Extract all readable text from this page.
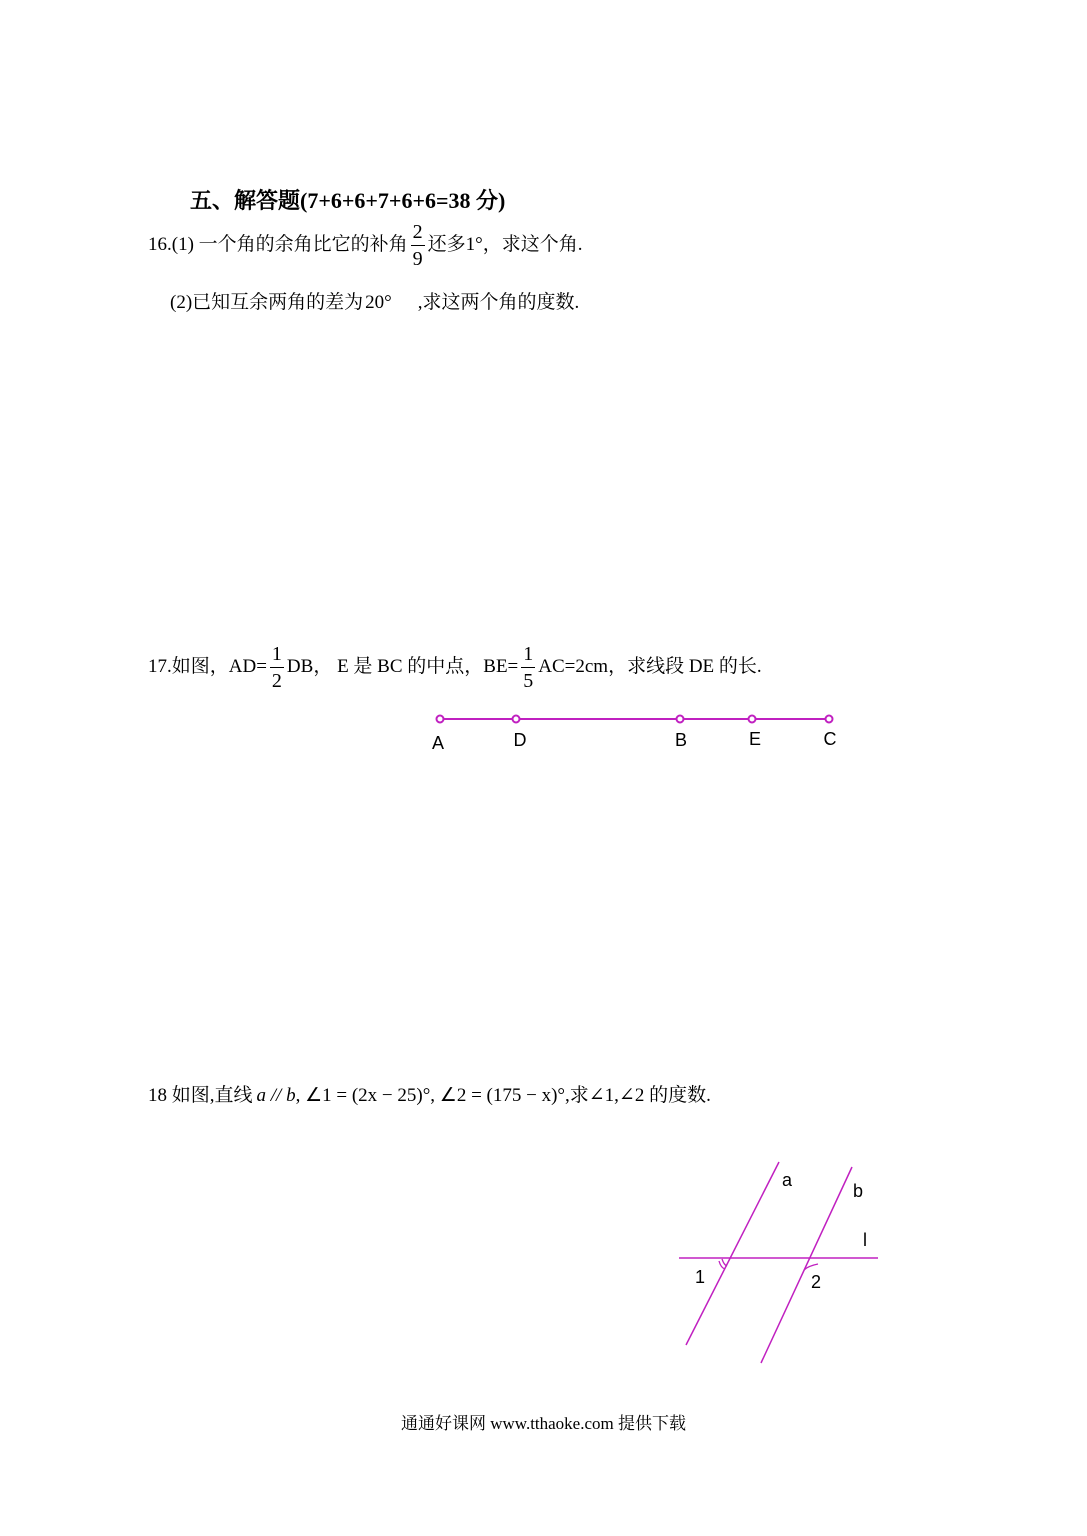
五、解答题(7+6+6+7+6+6=38 分)
16.(1) 一个角的余角比它的补角 $\frac{2}{9}$ 还多1°，求这个角.
(2)已知互余两角的差为 20° ,求这两个角的度数.
17.如图，$AD= \frac{1}{2}$ DB， E 是 BC 的中点，$BE= \frac{1}{5} AC=2cm$，求线段 DE 的长.
A	D	B	E	C
18 如图,直线 a // b, ∠1 = (2x − 25)°, ∠2 = (175 − x)°,求∠1,∠2 的度数.
a
b
l
1	2
通通好课网 www.tthaoke.com 提供下载
